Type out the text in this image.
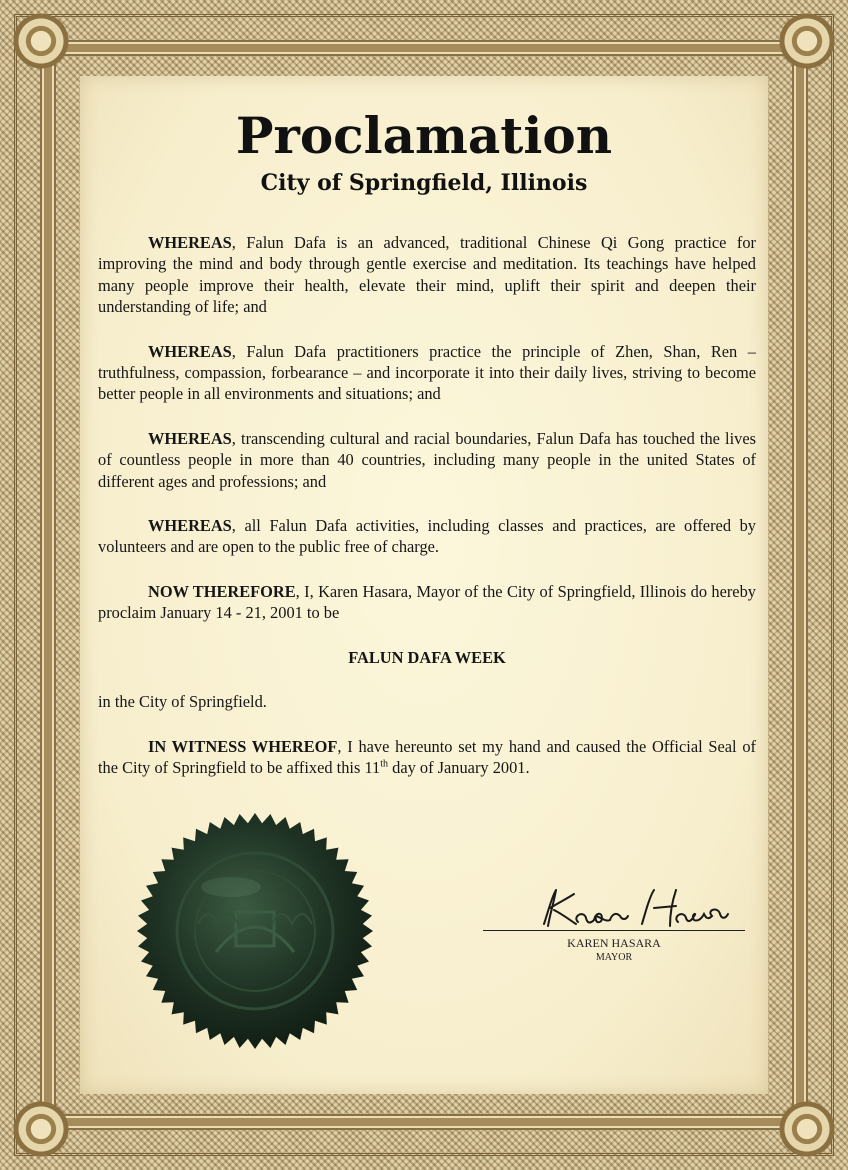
Proclamation
City of Springfield, Illinois

WHEREAS, Falun Dafa is an advanced, traditional Chinese Qi Gong practice for improving the mind and body through gentle exercise and meditation. Its teachings have helped many people improve their health, elevate their mind, uplift their spirit and deepen their understanding of life; and

WHEREAS, Falun Dafa practitioners practice the principle of Zhen, Shan, Ren – truthfulness, compassion, forbearance – and incorporate it into their daily lives, striving to become better people in all environments and situations; and

WHEREAS, transcending cultural and racial boundaries, Falun Dafa has touched the lives of countless people in more than 40 countries, including many people in the united States of different ages and professions; and

WHEREAS, all Falun Dafa activities, including classes and practices, are offered by volunteers and are open to the public free of charge.

NOW THEREFORE, I, Karen Hasara, Mayor of the City of Springfield, Illinois do hereby proclaim January 14 - 21, 2001 to be

FALUN DAFA WEEK

in the City of Springfield.

IN WITNESS WHEREOF, I have hereunto set my hand and caused the Official Seal of the City of Springfield to be affixed this 11th day of January 2001.

KAREN HASARA
MAYOR
